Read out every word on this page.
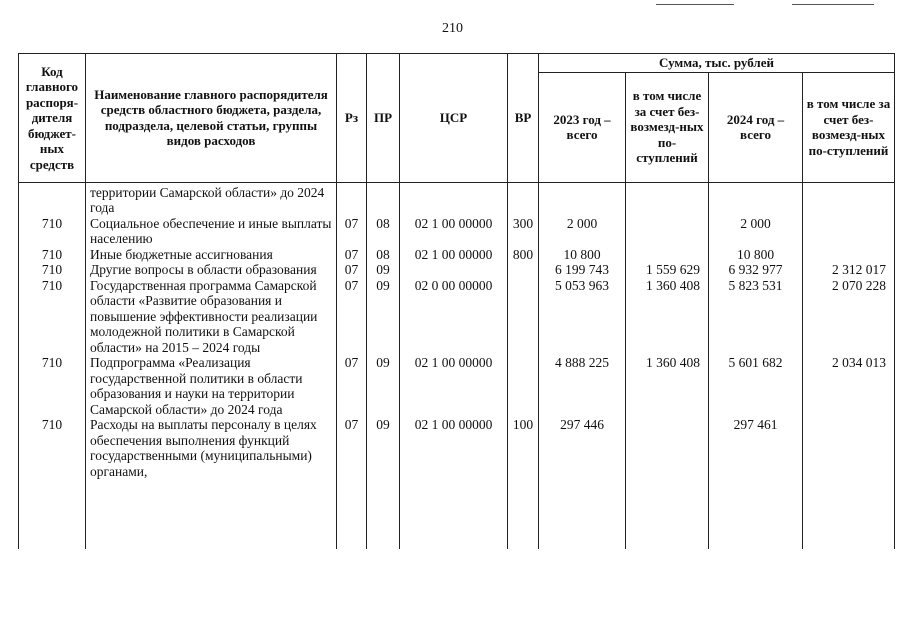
210
Код главного распоря-дителя бюджет-ных средств	Наименование главного распорядителя средств областного бюджета, раздела, подраздела, целевой статьи, группы видов расходов	Рз	ПР	ЦСР	ВР	Сумма, тыс. рублей			
						2023 год – всего	в том числе за счет без-возмезд-ных по-ступлений	2024 год – всего	в том числе за счет без-возмезд-ных по-ступлений
	территории Самарской области» до 2024 года								
710	Социальное обеспечение и иные выплаты населению	07	08	02 1 00 00000	300	2 000		2 000	
710	Иные бюджетные ассигнования	07	08	02 1 00 00000	800	10 800		10 800	
710	Другие вопросы в области образования	07	09			6 199 743	1 559 629	6 932 977	2 312 017
710	Государственная программа Самарской области «Развитие образования и повышение эффективности реализации молодежной политики в Самарской области» на 2015 – 2024 годы	07	09	02 0 00 00000		5 053 963	1 360 408	5 823 531	2 070 228
710	Подпрограмма «Реализация государственной политики в области образования и науки на территории Самарской области» до 2024 года	07	09	02 1 00 00000		4 888 225	1 360 408	5 601 682	2 034 013
710	Расходы на выплаты персоналу в целях обеспечения выполнения функций государственными (муниципальными) органами,	07	09	02 1 00 00000	100	297 446		297 461	
